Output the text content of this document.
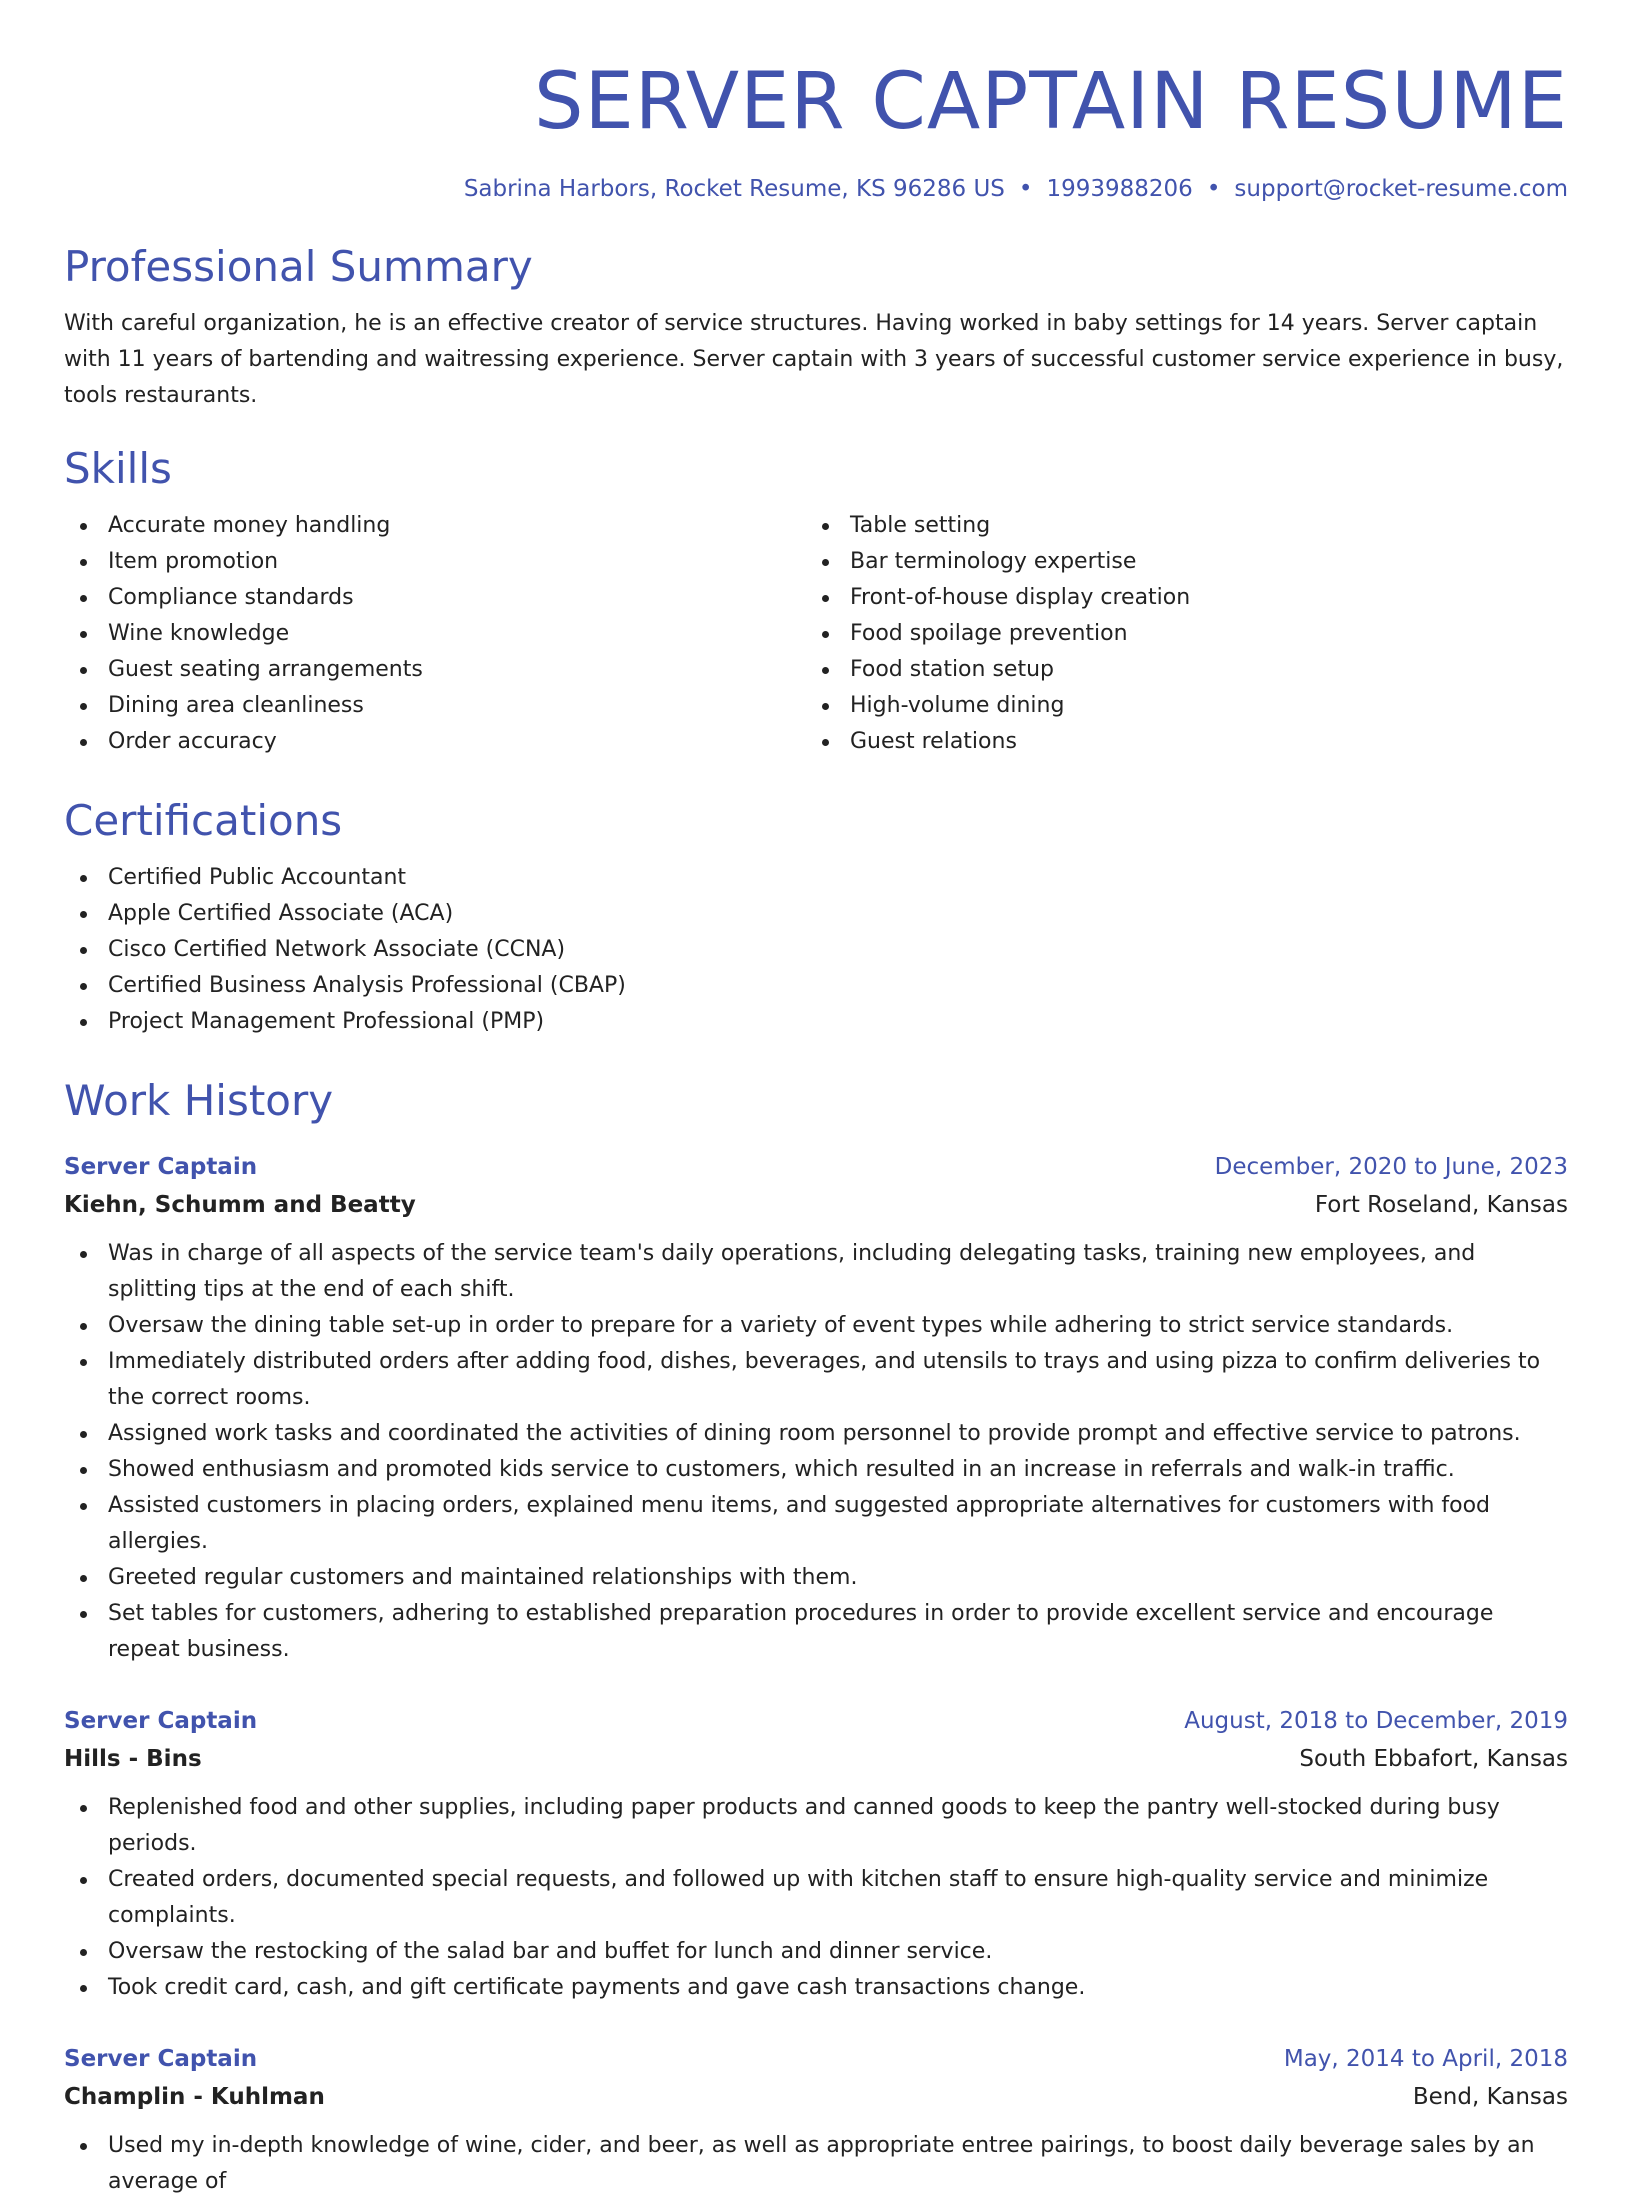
SERVER CAPTAIN RESUME
Sabrina Harbors, Rocket Resume, KS 96286 US • 1993988206 • support@rocket-resume.com
Professional Summary
With careful organization, he is an effective creator of service structures. Having worked in baby settings for 14 years. Server captain with 11 years of bartending and waitressing experience. Server captain with 3 years of successful customer service experience in busy, tools restaurants.
Skills
Accurate money handling
Item promotion
Compliance standards
Wine knowledge
Guest seating arrangements
Dining area cleanliness
Order accuracy
Table setting
Bar terminology expertise
Front-of-house display creation
Food spoilage prevention
Food station setup
High-volume dining
Guest relations
Certifications
Certified Public Accountant
Apple Certified Associate (ACA)
Cisco Certified Network Associate (CCNA)
Certified Business Analysis Professional (CBAP)
Project Management Professional (PMP)
Work History
Server Captain	December, 2020 to June, 2023
Kiehn, Schumm and Beatty	Fort Roseland, Kansas
Was in charge of all aspects of the service team's daily operations, including delegating tasks, training new employees, and splitting tips at the end of each shift.
Oversaw the dining table set-up in order to prepare for a variety of event types while adhering to strict service standards.
Immediately distributed orders after adding food, dishes, beverages, and utensils to trays and using pizza to confirm deliveries to the correct rooms.
Assigned work tasks and coordinated the activities of dining room personnel to provide prompt and effective service to patrons.
Showed enthusiasm and promoted kids service to customers, which resulted in an increase in referrals and walk-in traffic.
Assisted customers in placing orders, explained menu items, and suggested appropriate alternatives for customers with food allergies.
Greeted regular customers and maintained relationships with them.
Set tables for customers, adhering to established preparation procedures in order to provide excellent service and encourage repeat business.
Server Captain	August, 2018 to December, 2019
Hills - Bins	South Ebbafort, Kansas
Replenished food and other supplies, including paper products and canned goods to keep the pantry well-stocked during busy periods.
Created orders, documented special requests, and followed up with kitchen staff to ensure high-quality service and minimize complaints.
Oversaw the restocking of the salad bar and buffet for lunch and dinner service.
Took credit card, cash, and gift certificate payments and gave cash transactions change.
Server Captain	May, 2014 to April, 2018
Champlin - Kuhlman	Bend, Kansas
Used my in-depth knowledge of wine, cider, and beer, as well as appropriate entree pairings, to boost daily beverage sales by an average of
